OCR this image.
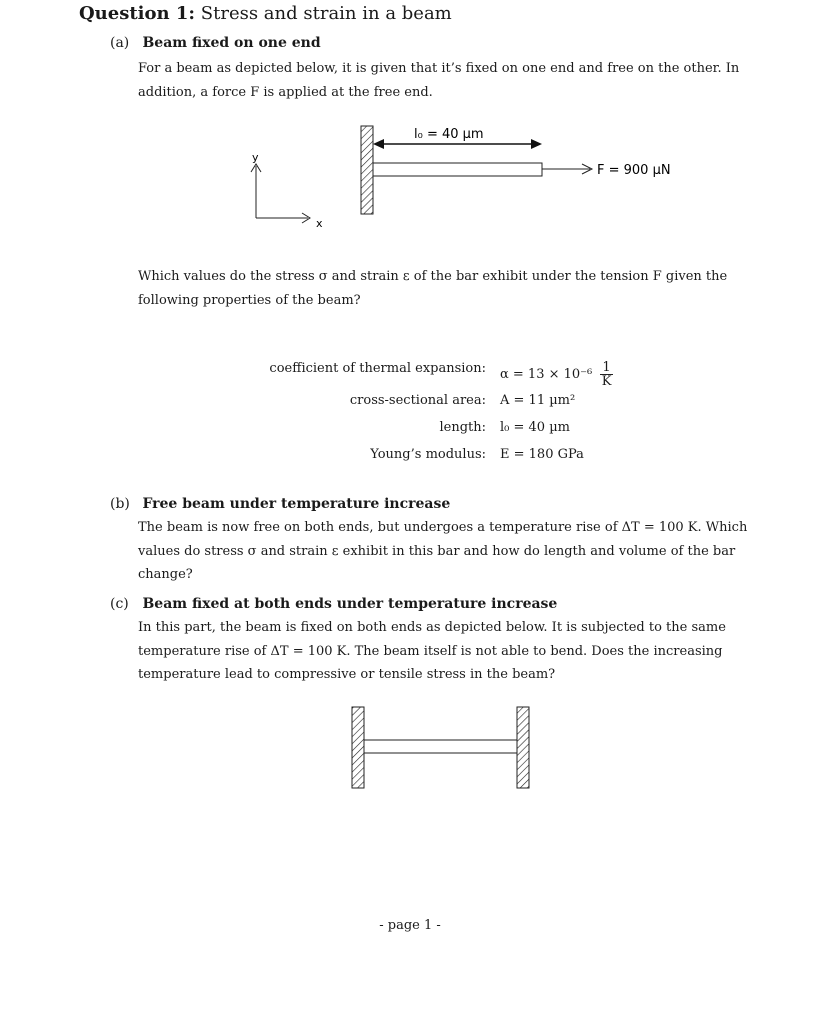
Question 1: Stress and strain in a beam
(a) Beam fixed on one end
For a beam as depicted below, it is given that it’s fixed on one end and free on the other. In
addition, a force F is applied at the free end.
y
x
l₀ = 40 µm
F = 900 µN
Which values do the stress σ and strain ε of the bar exhibit under the tension F given the
following properties of the beam?
coefficient of thermal expansion: $\alpha = 13 \times 10^{-6} \frac{1}{K}$
cross-sectional area: A = 11 µm²
length: l₀ = 40 µm
Young’s modulus: E = 180 GPa
(b) Free beam under temperature increase
The beam is now free on both ends, but undergoes a temperature rise of ΔT = 100 K. Which
values do stress σ and strain ε exhibit in this bar and how do length and volume of the bar
change?
(c) Beam fixed at both ends under temperature increase
In this part, the beam is fixed on both ends as depicted below. It is subjected to the same
temperature rise of ΔT = 100 K. The beam itself is not able to bend. Does the increasing
temperature lead to compressive or tensile stress in the beam?
- page 1 -
